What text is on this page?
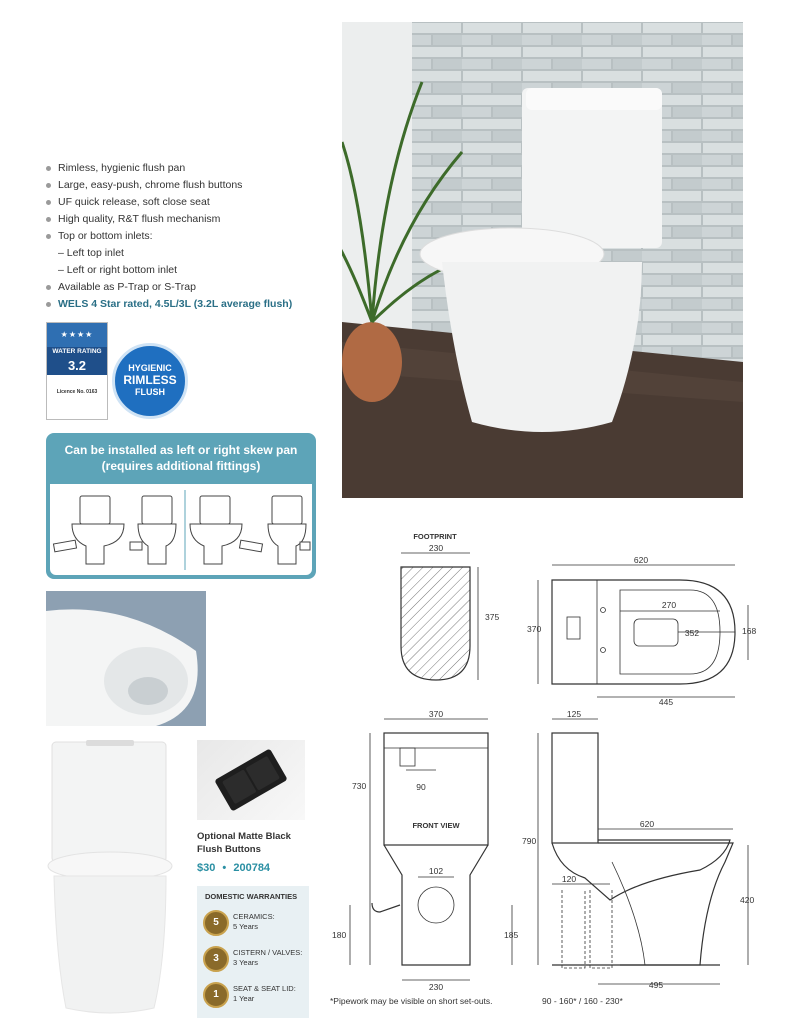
Rimless, hygienic flush pan
Large, easy-push, chrome flush buttons
UF quick release, soft close seat
High quality, R&T flush mechanism
Top or bottom inlets:
– Left top inlet
– Left or right bottom inlet
Available as P-Trap or S-Trap
WELS 4 Star rated, 4.5L/3L (3.2L average flush)
★★★★
WATER RATING
3.2
Licence No. 0163
HYGIENIC
RIMLESS
FLUSH
Can be installed as left or right skew pan
(requires additional fittings)
Optional Matte Black
Flush Buttons
$30 • 200784
DOMESTIC WARRANTIES
5
CERAMICS:
5 Years
3
CISTERN / VALVES:
3 Years
1
SEAT & SEAT LID:
1 Year
FOOTPRINT
230
375
620
370
270
352	168
445
370
730	90
FRONT VIEW
102
180	185
230
125
790
620
120
420
495
*Pipework may be visible on short set-outs.	90 - 160* / 160 - 230*
